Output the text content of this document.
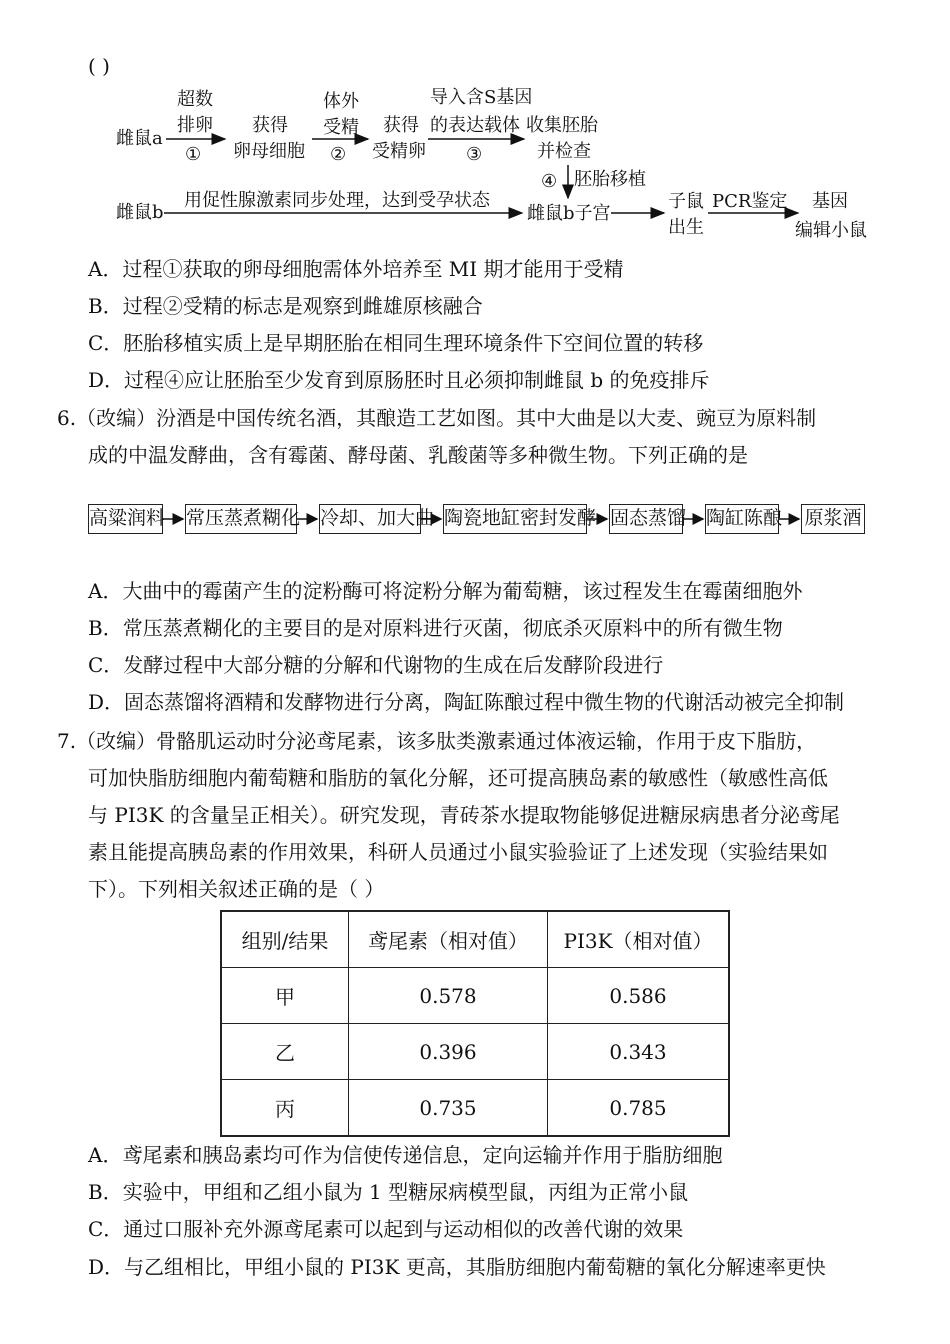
( )
雌鼠a
超数
排卵
①
获得
卵母细胞
体外
受精
②
获得
受精卵
导入含S基因
的表达载体
③
收集胚胎
并检查
④ 胚胎移植
雌鼠b
用促性腺激素同步处理，达到受孕状态
雌鼠b子宫
子鼠
出生
PCR鉴定 基因
编辑小鼠
A．过程①获取的卵母细胞需体外培养至 MI 期才能用于受精
B．过程②受精的标志是观察到雌雄原核融合
C．胚胎移植实质上是早期胚胎在相同生理环境条件下空间位置的转移
D．过程④应让胚胎至少发育到原肠胚时且必须抑制雌鼠 b 的免疫排斥
6.（改编）汾酒是中国传统名酒，其酿造工艺如图。其中大曲是以大麦、豌豆为原料制
成的中温发酵曲，含有霉菌、酵母菌、乳酸菌等多种微生物。下列正确的是
高粱润料 常压蒸煮糊化 冷却、加大曲 陶瓷地缸密封发酵 固态蒸馏 陶缸陈酿 原浆酒
A．大曲中的霉菌产生的淀粉酶可将淀粉分解为葡萄糖，该过程发生在霉菌细胞外
B．常压蒸煮糊化的主要目的是对原料进行灭菌，彻底杀灭原料中的所有微生物
C．发酵过程中大部分糖的分解和代谢物的生成在后发酵阶段进行
D．固态蒸馏将酒精和发酵物进行分离，陶缸陈酿过程中微生物的代谢活动被完全抑制
7.（改编）骨骼肌运动时分泌鸢尾素，该多肽类激素通过体液运输，作用于皮下脂肪，
可加快脂肪细胞内葡萄糖和脂肪的氧化分解，还可提高胰岛素的敏感性（敏感性高低
与 PI3K 的含量呈正相关）。研究发现，青砖茶水提取物能够促进糖尿病患者分泌鸢尾
素且能提高胰岛素的作用效果，科研人员通过小鼠实验验证了上述发现（实验结果如
下）。下列相关叙述正确的是（ ）
组别/结果	鸢尾素（相对值）	PI3K（相对值）
甲	0.578	0.586
乙	0.396	0.343
丙	0.735	0.785
A．鸢尾素和胰岛素均可作为信使传递信息，定向运输并作用于脂肪细胞
B．实验中，甲组和乙组小鼠为 1 型糖尿病模型鼠，丙组为正常小鼠
C．通过口服补充外源鸢尾素可以起到与运动相似的改善代谢的效果
D．与乙组相比，甲组小鼠的 PI3K 更高，其脂肪细胞内葡萄糖的氧化分解速率更快
